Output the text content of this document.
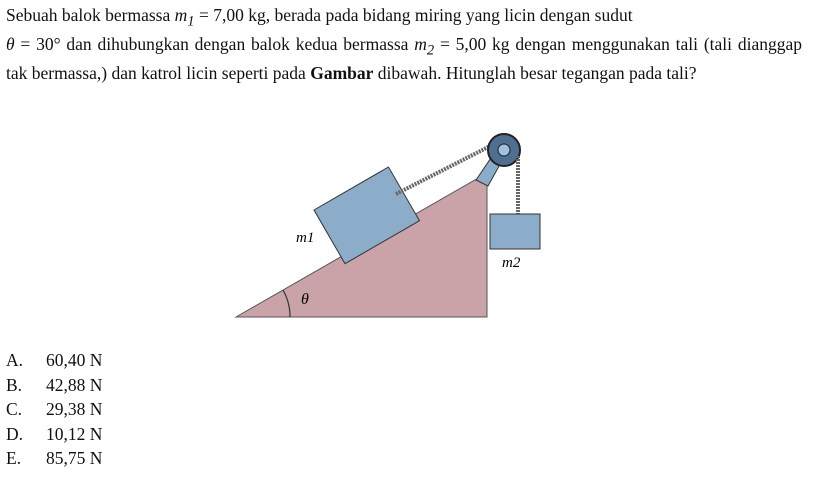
Sebuah balok bermassa $m_1 = 7,00$ kg, berada pada bidang miring yang licin dengan sudut
θ = 30° dan dihubungkan dengan balok kedua bermassa $m_2 = 5,00$ kg dengan menggunakan tali (tali dianggap tak bermassa,) dan katrol licin seperti pada Gambar dibawah. Hitunglah besar tegangan pada tali?

m1
m2
θ
A.	60,40 N
B.	42,88 N
C.	29,38 N
D.	10,12 N
E.	85,75 N
